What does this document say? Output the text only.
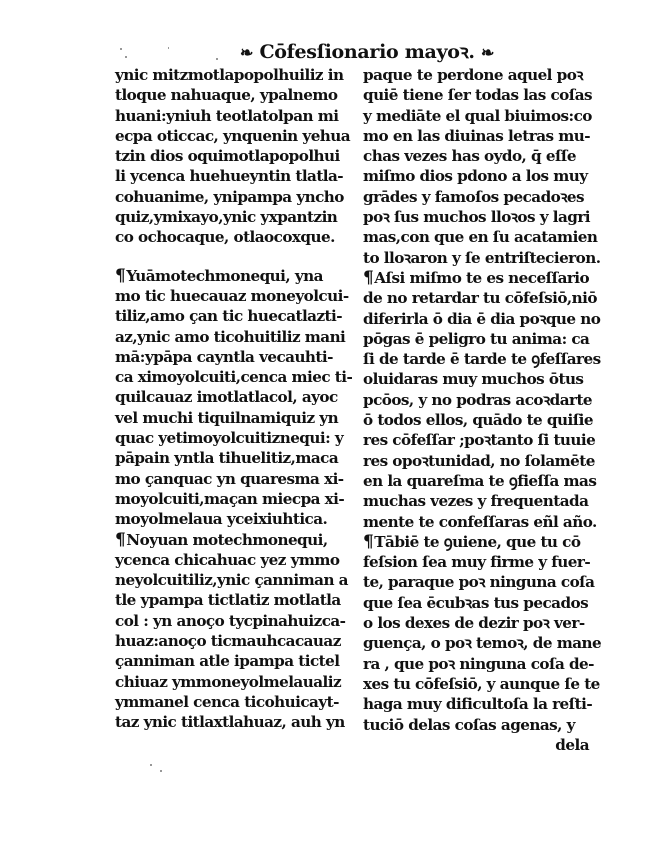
❧ Cōfesſionario mayoꝛ. ❧
ynic mitzmotlapopolhuiliz in
tloque nahuaque, ypalnemo
huani:yniuh teotlatolpan mi
ecpa oticcac, ynquenin yehua
tzin dios oquimotlapopolhui
li ycenca huehueyntin tlatla-
cohuanime, ynipampa yncho
quiz,ymixayo,ynic yxpantzin
co ochocaque, otlaocoxque.
¶Yuāmotechmonequi, yna
mo tic huecauaz moneyolcui-
tiliz,amo çan tic huecatlazti-
az,ynic amo ticohuitiliz mani
mā:ypāpa cayntla vecauhti-
ca ximoyolcuiti,cenca miec ti-
quilcauaz imotlatlacol, ayoc
vel muchi tiquilnamiquiz yn
quac yetimoyolcuitiznequi: y
pāpain yntla tihuelitiz,maca
mo çanquac yn quaresma xi-
moyolcuiti,maçan miecpa xi-
moyolmelaua yceixiuhtica.
¶Noyuan motechmonequi,
ycenca chicahuac yez ymmo
neyolcuitiliz,ynic çanniman a
tle ypampa tictlatiz motlatla
col : yn anoço tycpinahuizca-
huaz:anoço ticmauhcacauaz
çanniman atle ipampa tictel
chiuaz ymmoneyolmelaualiz
ymmanel cenca ticohuicayt-
taz ynic titlaxtlahuaz, auh yn
paque te perdone aquel poꝛ
quiē tiene ſer todas las coſas
y mediāte el qual biuimos:co
mo en las diuinas letras mu-
chas vezes has oydo, q̄ eſſe
miſmo dios pdono a los muy
grādes y famoſos pecadoꝛes
poꝛ ſus muchos lloꝛos y lagri
mas,con que en ſu acatamien
to lloꝛaron y ſe entriſtecieron.
¶Aſsi miſmo te es neceſſario
de no retardar tu cōfeſsiō,niō
diferirla ō dia ē dia poꝛque no
pōgas ē peligro tu anima: ca
ſi de tarde ē tarde te ꝯfeſſares
oluidaras muy muchos ōtus
pcōos, y no podras acoꝛdarte
ō todos ellos, quādo te quiſie
res cōfeſſar ;poꝛtanto ſi tuuie
res opoꝛtunidad, no ſolamēte
en la quareſma te ꝯfieſſa mas
muchas vezes y frequentada
mente te confeſſaras eñl año.
¶Tābiē te ꝯuiene, que tu cō
feſsion ſea muy firme y fuer-
te, paraque poꝛ ninguna coſa
que ſea ēcubꝛas tus pecados
o los dexes de dezir poꝛ ver-
guença, o poꝛ temoꝛ, de mane
ra , que poꝛ ninguna coſa de-
xes tu cōfeſsiō, y aunque ſe te
haga muy dificultoſa la reſti-
tuciō delas coſas agenas, y
dela
